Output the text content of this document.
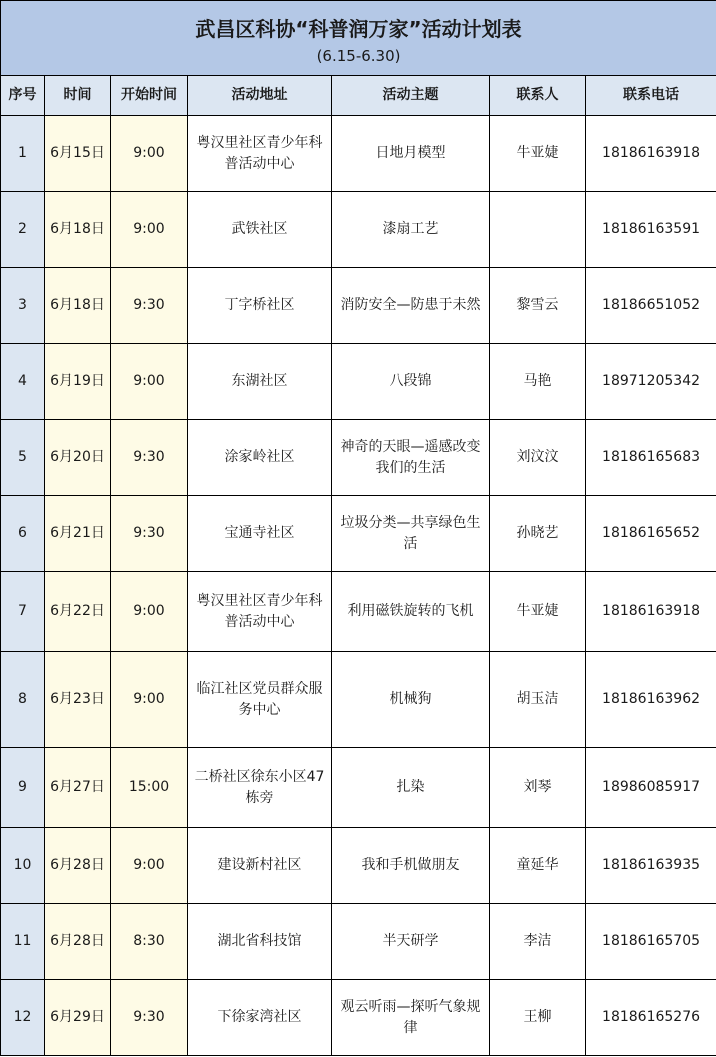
武昌区科协“科普润万家”活动计划表
(6.15-6.30)						

序号	时间	开始时间	活动地址	活动主题	联系人	联系电话
1	6月15日	9:00	粤汉里社区青少年科普活动中心	日地月模型	牛亚婕	18186163918
2	6月18日	9:00	武铁社区	漆扇工艺		18186163591
3	6月18日	9:30	丁字桥社区	消防安全—防患于未然	黎雪云	18186651052
4	6月19日	9:00	东湖社区	八段锦	马艳	18971205342
5	6月20日	9:30	涂家岭社区	神奇的天眼—遥感改变我们的生活	刘汶汶	18186165683
6	6月21日	9:30	宝通寺社区	垃圾分类—共享绿色生活	孙晓艺	18186165652
7	6月22日	9:00	粤汉里社区青少年科普活动中心	利用磁铁旋转的飞机	牛亚婕	18186163918
8	6月23日	9:00	临江社区党员群众服务中心	机械狗	胡玉洁	18186163962
9	6月27日	15:00	二桥社区徐东小区47栋旁	扎染	刘琴	18986085917
10	6月28日	9:00	建设新村社区	我和手机做朋友	童延华	18186163935
11	6月28日	8:30	湖北省科技馆	半天研学	李洁	18186165705
12	6月29日	9:30	下徐家湾社区	观云听雨—探听气象规律	王柳	18186165276
